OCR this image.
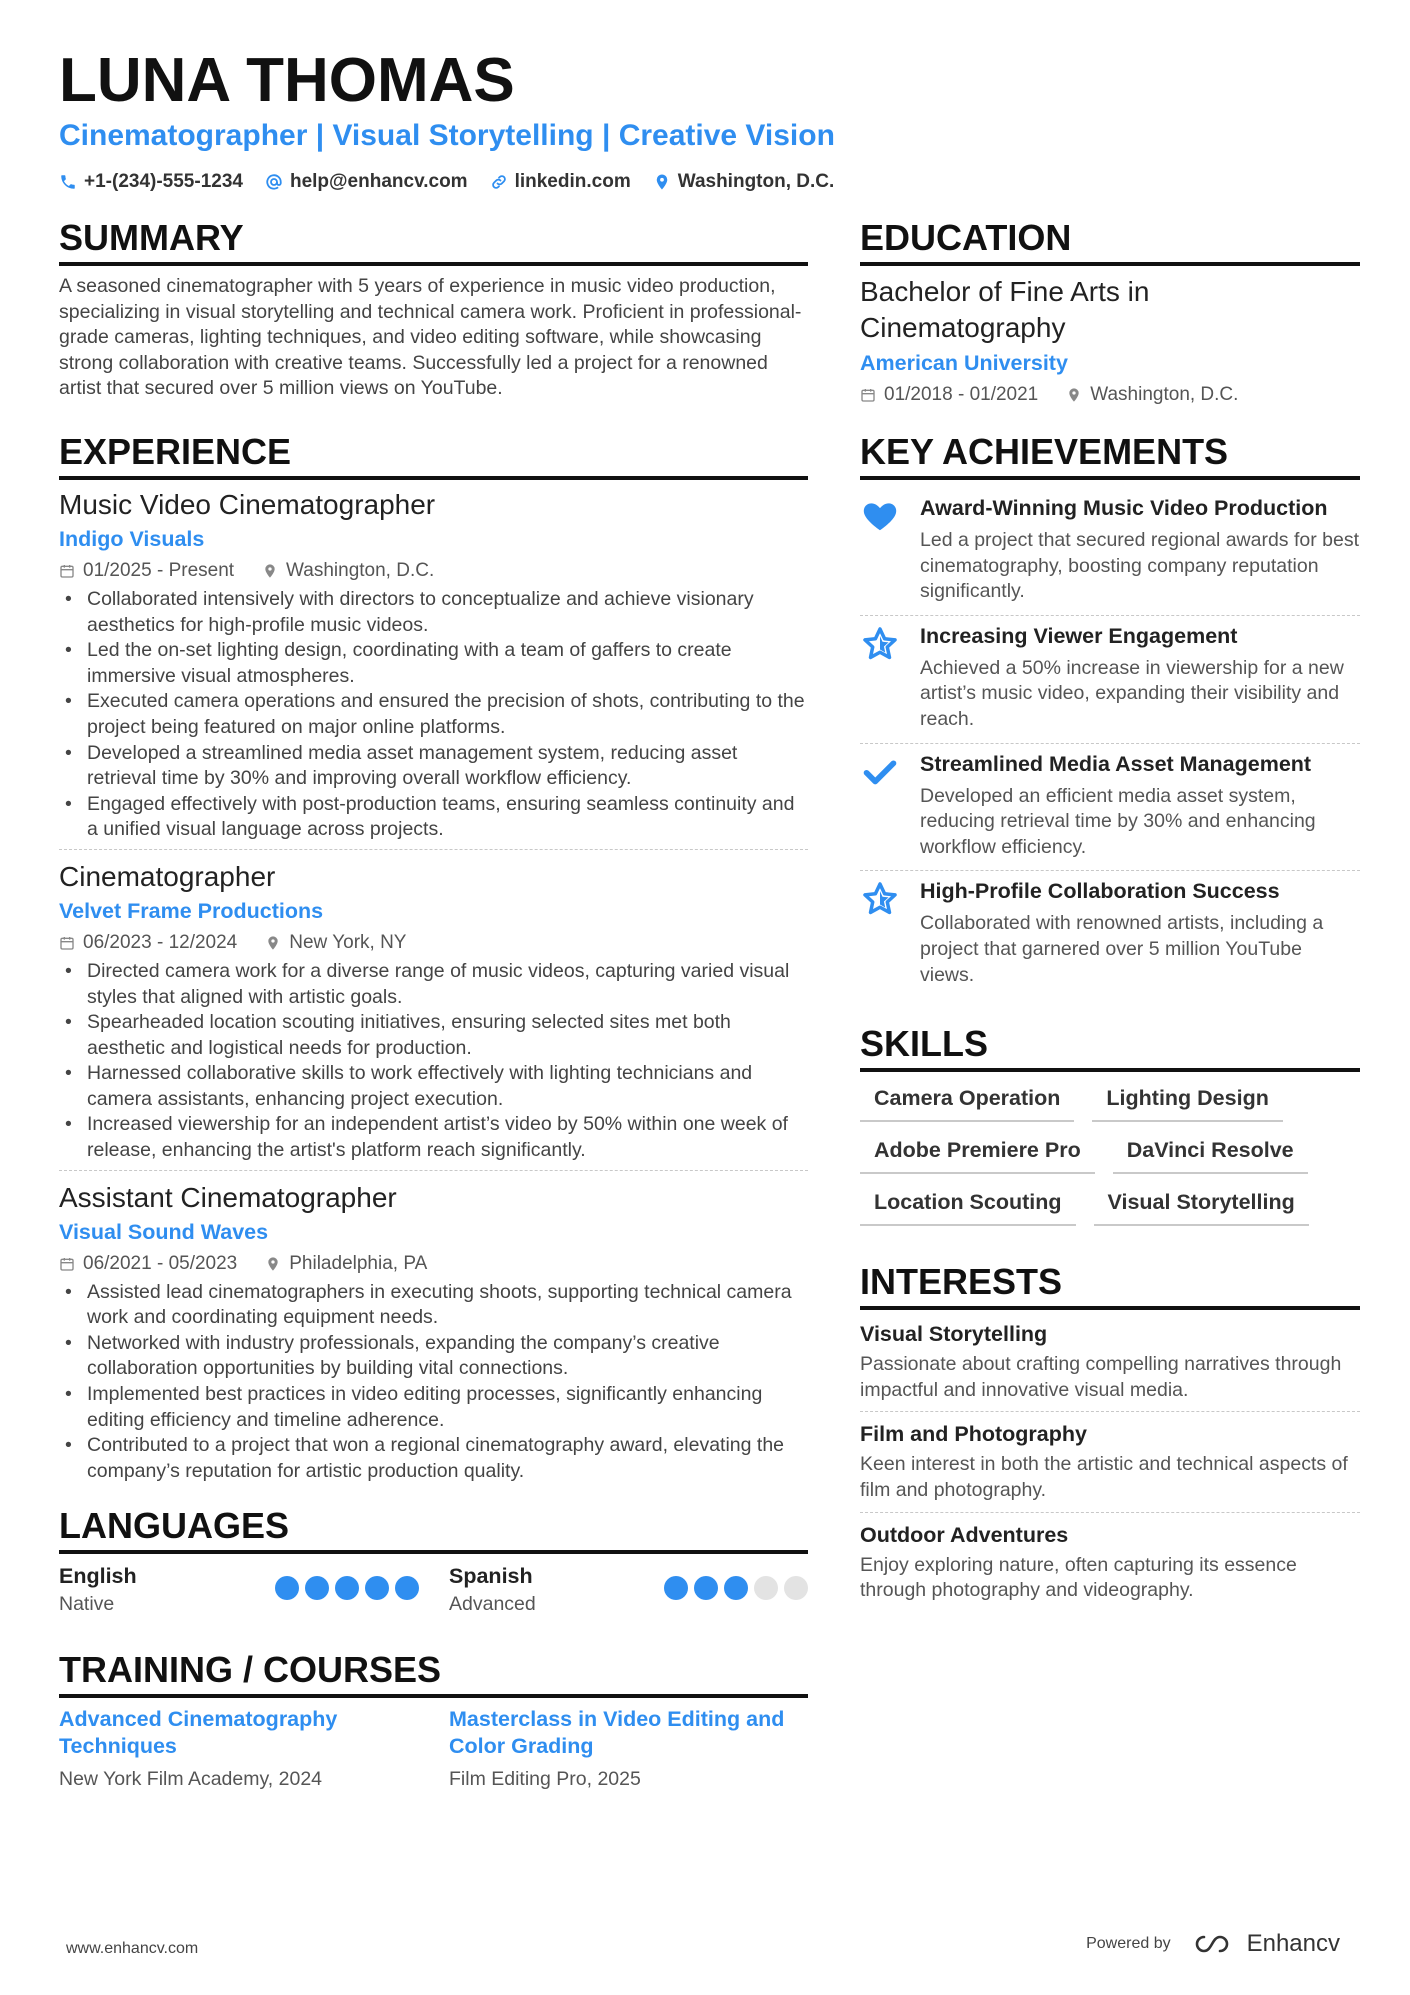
LUNA THOMAS
Cinematographer | Visual Storytelling | Creative Vision
+1-(234)-555-1234 help@enhancv.com linkedin.com Washington, D.C.
SUMMARY

A seasoned cinematographer with 5 years of experience in music video production, specializing in visual storytelling and technical camera work. Proficient in professional-grade cameras, lighting techniques, and video editing software, while showcasing strong collaboration with creative teams. Successfully led a project for a renowned artist that secured over 5 million views on YouTube.

EXPERIENCE
Music Video Cinematographer
Indigo Visuals
01/2025 - Present	Washington, D.C.
• Collaborated intensively with directors to conceptualize and achieve visionary aesthetics for high-profile music videos.
• Led the on-set lighting design, coordinating with a team of gaffers to create immersive visual atmospheres.
• Executed camera operations and ensured the precision of shots, contributing to the project being featured on major online platforms.
• Developed a streamlined media asset management system, reducing asset retrieval time by 30% and improving overall workflow efficiency.
• Engaged effectively with post-production teams, ensuring seamless continuity and a unified visual language across projects.
Cinematographer
Velvet Frame Productions
06/2023 - 12/2024	New York, NY
• Directed camera work for a diverse range of music videos, capturing varied visual styles that aligned with artistic goals.
• Spearheaded location scouting initiatives, ensuring selected sites met both aesthetic and logistical needs for production.
• Harnessed collaborative skills to work effectively with lighting technicians and camera assistants, enhancing project execution.
• Increased viewership for an independent artist’s video by 50% within one week of release, enhancing the artist's platform reach significantly.
Assistant Cinematographer
Visual Sound Waves
06/2021 - 05/2023	Philadelphia, PA
• Assisted lead cinematographers in executing shoots, supporting technical camera work and coordinating equipment needs.
• Networked with industry professionals, expanding the company’s creative collaboration opportunities by building vital connections.
• Implemented best practices in video editing processes, significantly enhancing editing efficiency and timeline adherence.
• Contributed to a project that won a regional cinematography award, elevating the company’s reputation for artistic production quality.
LANGUAGES
English
Native
Spanish
Advanced
TRAINING / COURSES
Advanced Cinematography Techniques
New York Film Academy, 2024
Masterclass in Video Editing and Color Grading
Film Editing Pro, 2025
EDUCATION
Bachelor of Fine Arts in Cinematography
American University
01/2018 - 01/2021	Washington, D.C.
KEY ACHIEVEMENTS
Award-Winning Music Video Production
Led a project that secured regional awards for best cinematography, boosting company reputation significantly.
Increasing Viewer Engagement
Achieved a 50% increase in viewership for a new artist’s music video, expanding their visibility and reach.
Streamlined Media Asset Management
Developed an efficient media asset system, reducing retrieval time by 30% and enhancing workflow efficiency.
High-Profile Collaboration Success
Collaborated with renowned artists, including a project that garnered over 5 million YouTube views.
SKILLS
Camera Operation	Lighting Design
Adobe Premiere Pro	DaVinci Resolve
Location Scouting	Visual Storytelling
INTERESTS
Visual Storytelling
Passionate about crafting compelling narratives through impactful and innovative visual media.
Film and Photography
Keen interest in both the artistic and technical aspects of film and photography.
Outdoor Adventures
Enjoy exploring nature, often capturing its essence through photography and videography.
www.enhancv.com	Powered by	Enhancv
